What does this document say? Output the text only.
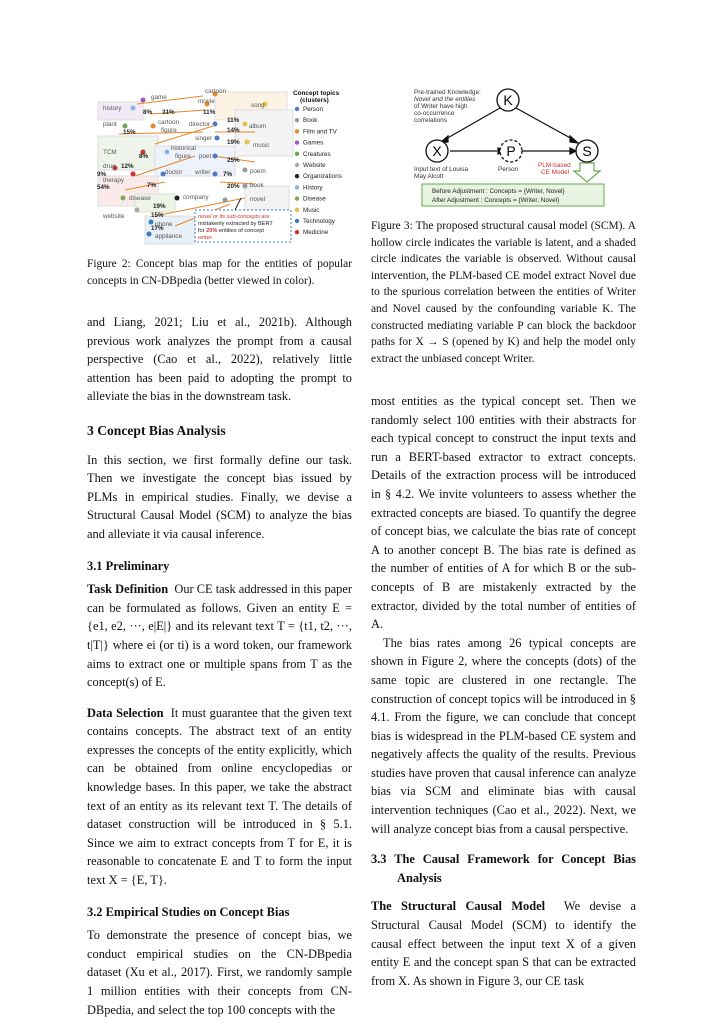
cartoon
movie
song
game
history
plant	cartoon
figure
director	album
singer
music
TCM
historical
figure poet
drug
therapy
doctor writer	poem
book
disease	company	novel
website
phone
appliance
8% 31%	11%
11%
15%	14%
19%
8%
12%
25%
9%	7%
54%	7%	20%
19%
15%
17%
novel or its sub-concepts are
mistakenly extracted by BERT
for 20% entities of concept
writer.
Concept topics
(clusters)
Person
Book
Film and TV
Games
Creatures
Website
Organizations
History
Disease
Music
Technology
Medicine
Figure 2: Concept bias map for the entities of popular concepts in CN-DBpedia (better viewed in color).
Pre-trained Knowledge:
Novel and the entities
of Writer have high
co-occurrence
correlations
K
X	P	S
Input text of Louisa
May Alcott
Person
PLM-based
CE Model
Before Adjustment : Concepts = {Writer, Novel}
After Adjustment : Concepts = {Writer, Novel}
Figure 3: The proposed structural causal model (SCM). A hollow circle indicates the variable is latent, and a shaded circle indicates the variable is observed. Without causal intervention, the PLM-based CE model extract Novel due to the spurious correlation between the entities of Writer and Novel caused by the confounding variable K. The constructed mediating variable P can block the backdoor paths for X → S (opened by K) and help the model only extract the unbiased concept Writer.

and Liang, 2021; Liu et al., 2021b). Although previous work analyzes the prompt from a causal perspective (Cao et al., 2022), relatively little attention has been paid to adopting the prompt to alleviate the bias in the downstream task.

3 Concept Bias Analysis

In this section, we first formally define our task. Then we investigate the concept bias issued by PLMs in empirical studies. Finally, we devise a Structural Causal Model (SCM) to analyze the bias and alleviate it via causal inference.

3.1 Preliminary

Task Definition Our CE task addressed in this paper can be formulated as follows. Given an entity E = {e1, e2, ···, e|E|} and its relevant text T = {t1, t2, ···, t|T|} where ei (or ti) is a word token, our framework aims to extract one or multiple spans from T as the concept(s) of E.

Data Selection It must guarantee that the given text contains concepts. The abstract text of an entity expresses the concepts of the entity explicitly, which can be obtained from online encyclopedias or knowledge bases. In this paper, we take the abstract text of an entity as its relevant text T. The details of dataset construction will be introduced in § 5.1. Since we aim to extract concepts from T for E, it is reasonable to concatenate E and T to form the input text X = {E, T}.

3.2 Empirical Studies on Concept Bias

To demonstrate the presence of concept bias, we conduct empirical studies on the CN-DBpedia dataset (Xu et al., 2017). First, we randomly sample 1 million entities with their concepts from CN-DBpedia, and select the top 100 concepts with the

most entities as the typical concept set. Then we randomly select 100 entities with their abstracts for each typical concept to construct the input texts and run a BERT-based extractor to extract concepts. Details of the extraction process will be introduced in § 4.2. We invite volunteers to assess whether the extracted concepts are biased. To quantify the degree of concept bias, we calculate the bias rate of concept A to another concept B. The bias rate is defined as the number of entities of A for which B or the sub-concepts of B are mistakenly extracted by the extractor, divided by the total number of entities of A.

The bias rates among 26 typical concepts are shown in Figure 2, where the concepts (dots) of the same topic are clustered in one rectangle. The construction of concept topics will be introduced in § 4.1. From the figure, we can conclude that concept bias is widespread in the PLM-based CE system and negatively affects the quality of the results. Previous studies have proven that causal inference can analyze bias via SCM and eliminate bias with causal intervention techniques (Cao et al., 2022). Next, we will analyze concept bias from a causal perspective.

3.3 The Causal Framework for Concept Bias Analysis

The Structural Causal Model We devise a Structural Causal Model (SCM) to identify the causal effect between the input text X of a given entity E and the concept span S that can be extracted from X. As shown in Figure 3, our CE task
